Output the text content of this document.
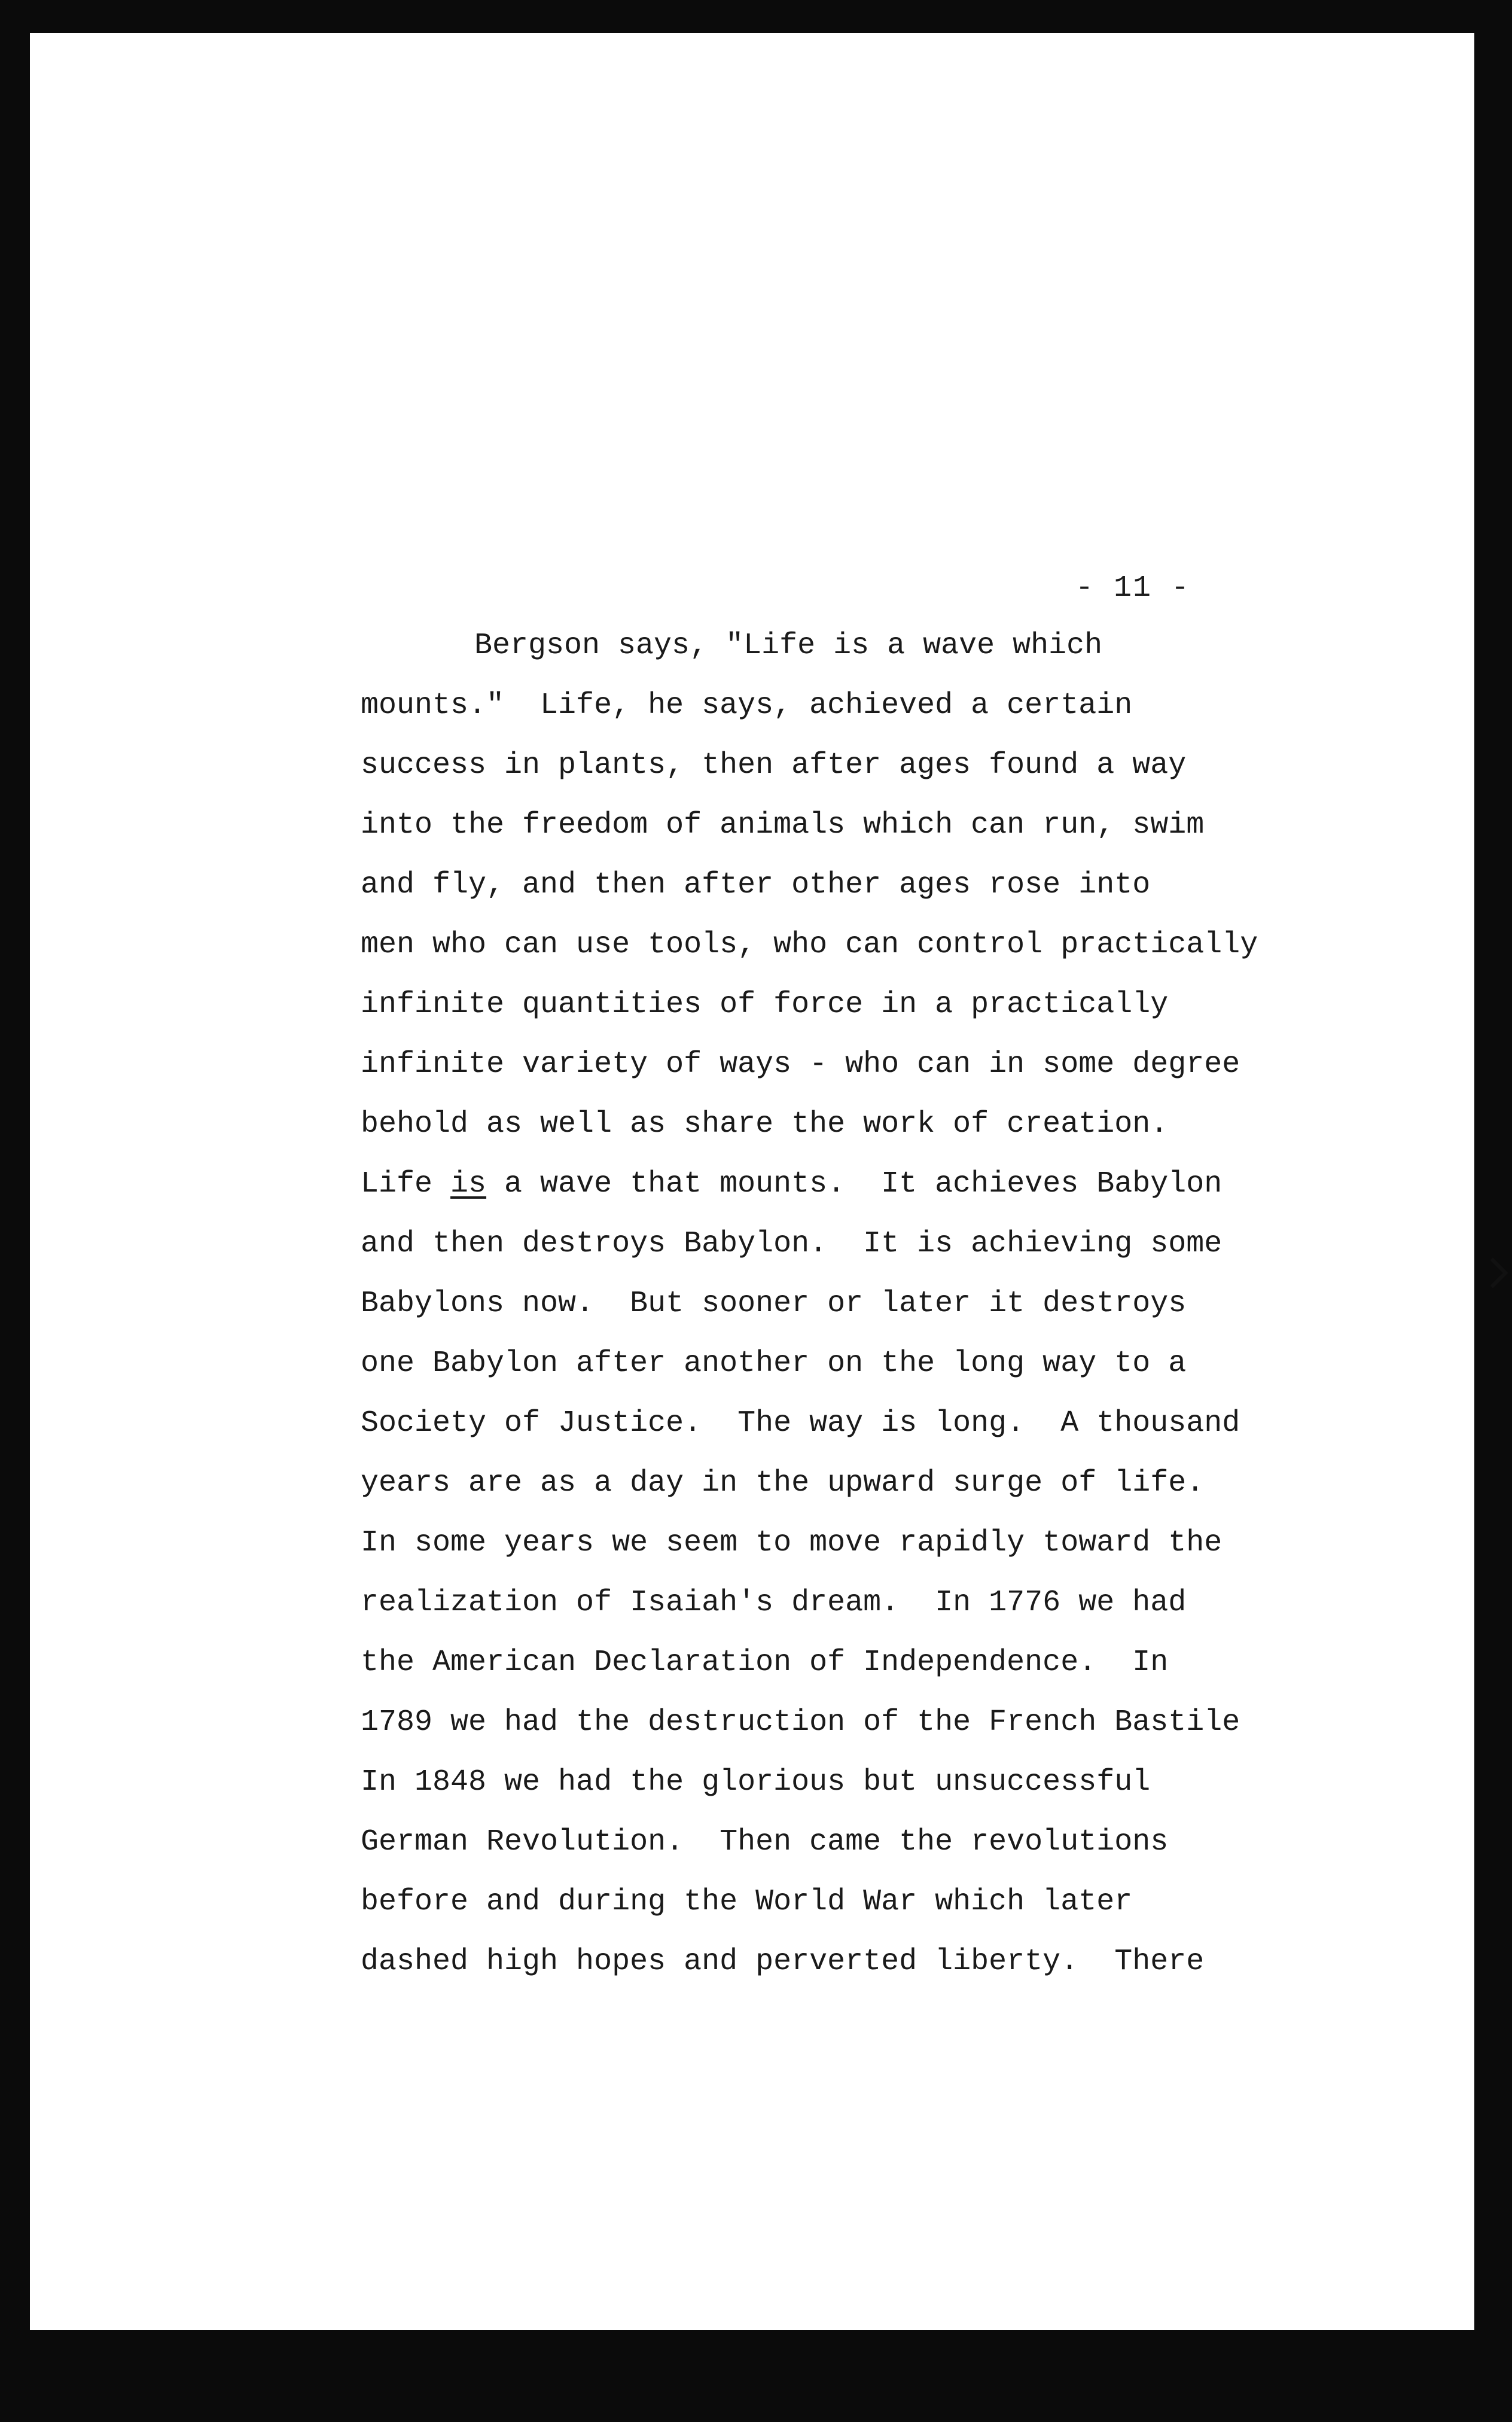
- 11 -
Bergson says, "Life is a wave which
mounts."  Life, he says, achieved a certain
success in plants, then after ages found a way
into the freedom of animals which can run, swim
and fly, and then after other ages rose into
men who can use tools, who can control practically
infinite quantities of force in a practically
infinite variety of ways - who can in some degree
behold as well as share the work of creation.
Life is a wave that mounts.  It achieves Babylon
and then destroys Babylon.  It is achieving some
Babylons now.  But sooner or later it destroys
one Babylon after another on the long way to a
Society of Justice.  The way is long.  A thousand
years are as a day in the upward surge of life.
In some years we seem to move rapidly toward the
realization of Isaiah's dream.  In 1776 we had
the American Declaration of Independence.  In
1789 we had the destruction of the French Bastile
In 1848 we had the glorious but unsuccessful
German Revolution.  Then came the revolutions
before and during the World War which later
dashed high hopes and perverted liberty.  There
